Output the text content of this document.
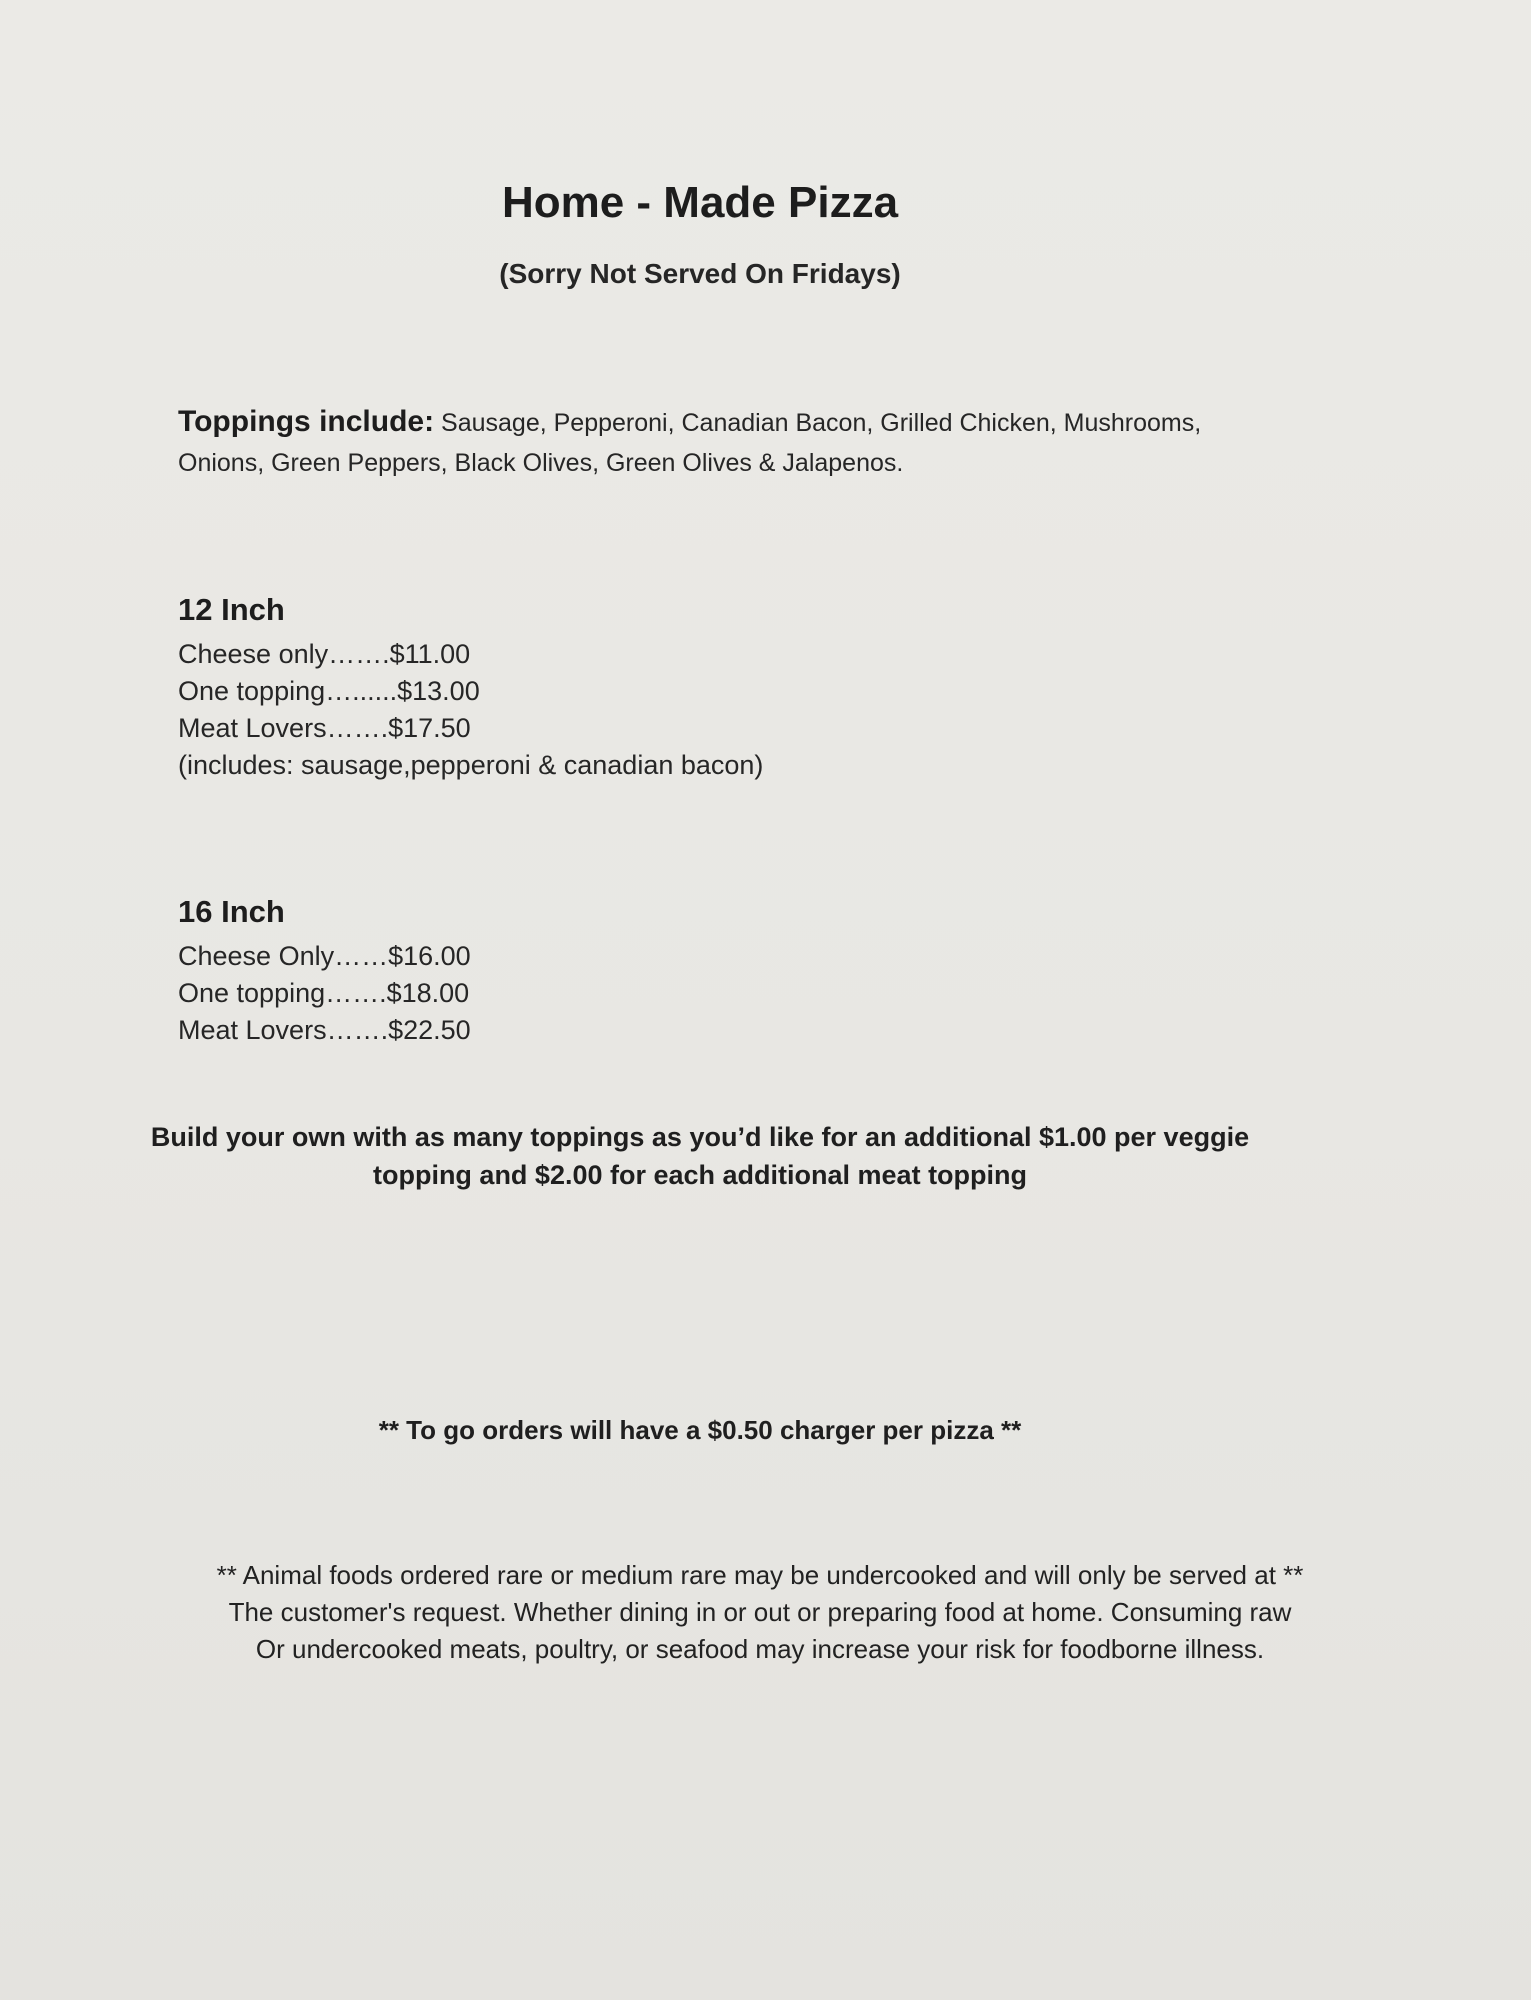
Home - Made Pizza
(Sorry Not Served On Fridays)
Toppings include: Sausage, Pepperoni, Canadian Bacon, Grilled Chicken, Mushrooms,
Onions, Green Peppers, Black Olives, Green Olives & Jalapenos.
12 Inch
Cheese only…….$11.00
One topping…......$13.00
Meat Lovers…….$17.50
(includes: sausage,pepperoni & canadian bacon)
16 Inch
Cheese Only……$16.00
One topping…….$18.00
Meat Lovers…….$22.50
Build your own with as many toppings as you’d like for an additional $1.00 per veggie
topping and $2.00 for each additional meat topping
** To go orders will have a $0.50 charger per pizza **
** Animal foods ordered rare or medium rare may be undercooked and will only be served at **
The customer's request. Whether dining in or out or preparing food at home. Consuming raw
Or undercooked meats, poultry, or seafood may increase your risk for foodborne illness.
